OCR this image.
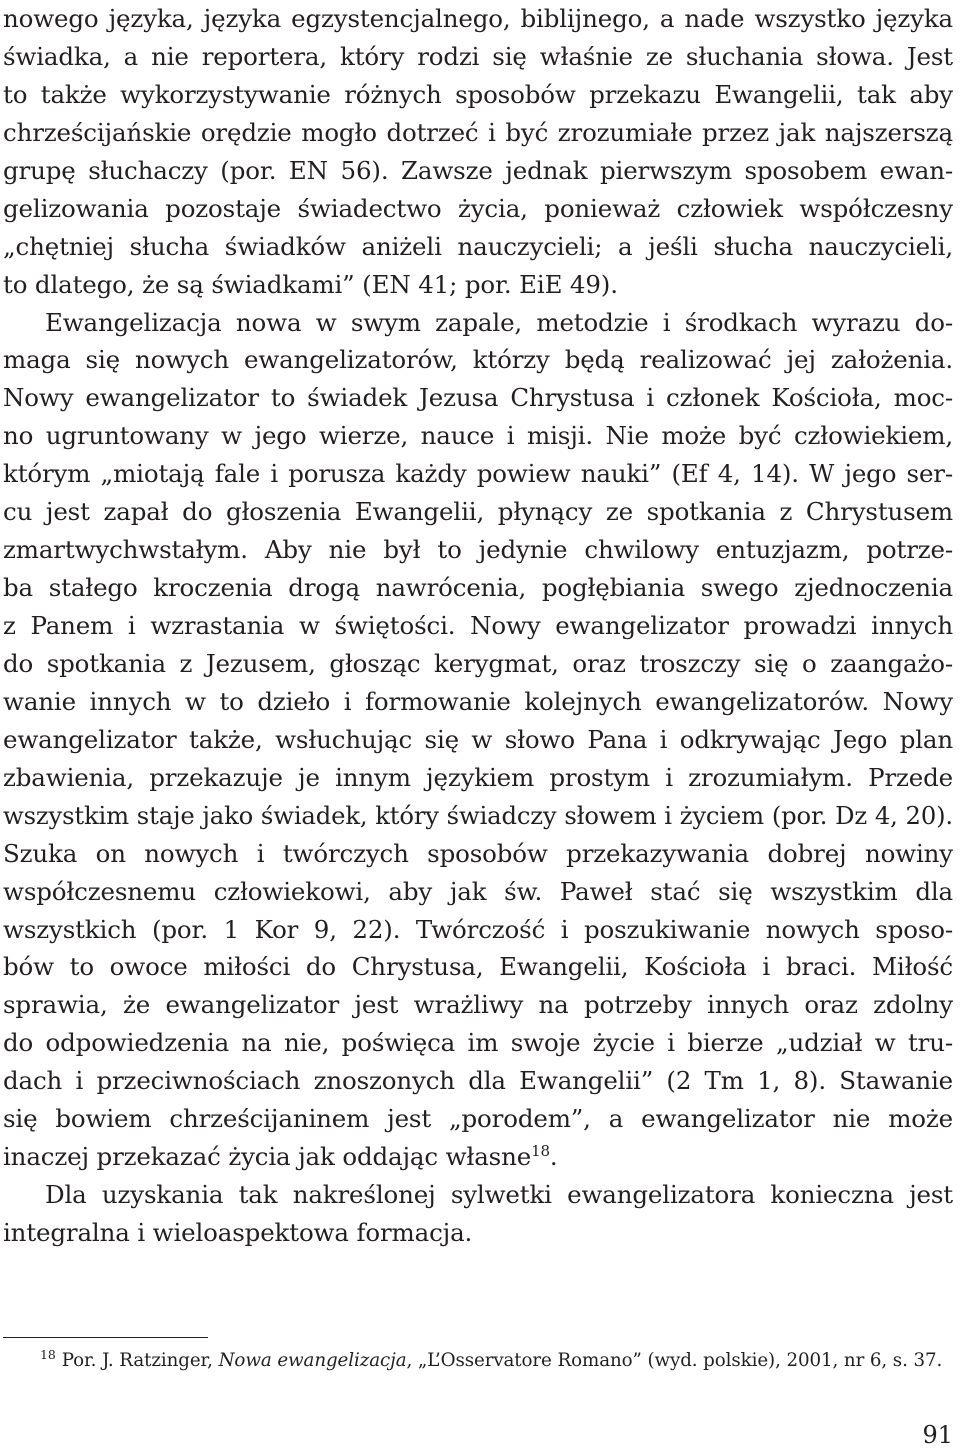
nowego języka, języka egzystencjalnego, biblijnego, a nade wszystko języka
świadka, a nie reportera, który rodzi się właśnie ze słuchania słowa. Jest
to także wykorzystywanie różnych sposobów przekazu Ewangelii, tak aby
chrześcijańskie orędzie mogło dotrzeć i być zrozumiałe przez jak najszerszą
grupę słuchaczy (por. EN 56). Zawsze jednak pierwszym sposobem ewan-
gelizowania pozostaje świadectwo życia, ponieważ człowiek współczesny
„chętniej słucha świadków aniżeli nauczycieli; a jeśli słucha nauczycieli,
to dlatego, że są świadkami” (EN 41; por. EiE 49).
Ewangelizacja nowa w swym zapale, metodzie i środkach wyrazu do-
maga się nowych ewangelizatorów, którzy będą realizować jej założenia.
Nowy ewangelizator to świadek Jezusa Chrystusa i członek Kościoła, moc-
no ugruntowany w jego wierze, nauce i misji. Nie może być człowiekiem,
którym „miotają fale i porusza każdy powiew nauki” (Ef 4, 14). W jego ser-
cu jest zapał do głoszenia Ewangelii, płynący ze spotkania z Chrystusem
zmartwychwstałym. Aby nie był to jedynie chwilowy entuzjazm, potrze-
ba stałego kroczenia drogą nawrócenia, pogłębiania swego zjednoczenia
z Panem i wzrastania w świętości. Nowy ewangelizator prowadzi innych
do spotkania z Jezusem, głosząc kerygmat, oraz troszczy się o zaangażo-
wanie innych w to dzieło i formowanie kolejnych ewangelizatorów. Nowy
ewangelizator także, wsłuchując się w słowo Pana i odkrywając Jego plan
zbawienia, przekazuje je innym językiem prostym i zrozumiałym. Przede
wszystkim staje jako świadek, który świadczy słowem i życiem (por. Dz 4, 20).
Szuka on nowych i twórczych sposobów przekazywania dobrej nowiny
współczesnemu człowiekowi, aby jak św. Paweł stać się wszystkim dla
wszystkich (por. 1 Kor 9, 22). Twórczość i poszukiwanie nowych sposo-
bów to owoce miłości do Chrystusa, Ewangelii, Kościoła i braci. Miłość
sprawia, że ewangelizator jest wrażliwy na potrzeby innych oraz zdolny
do odpowiedzenia na nie, poświęca im swoje życie i bierze „udział w tru-
dach i przeciwnościach znoszonych dla Ewangelii” (2 Tm 1, 8). Stawanie
się bowiem chrześcijaninem jest „porodem”, a ewangelizator nie może
inaczej przekazać życia jak oddając własne$^{18}$.
Dla uzyskania tak nakreślonej sylwetki ewangelizatora konieczna jest
integralna i wieloaspektowa formacja.
$^{18}$ Por. J. Ratzinger, Nowa ewangelizacja, „L’Osservatore Romano” (wyd. polskie), 2001, nr 6, s. 37.
91
